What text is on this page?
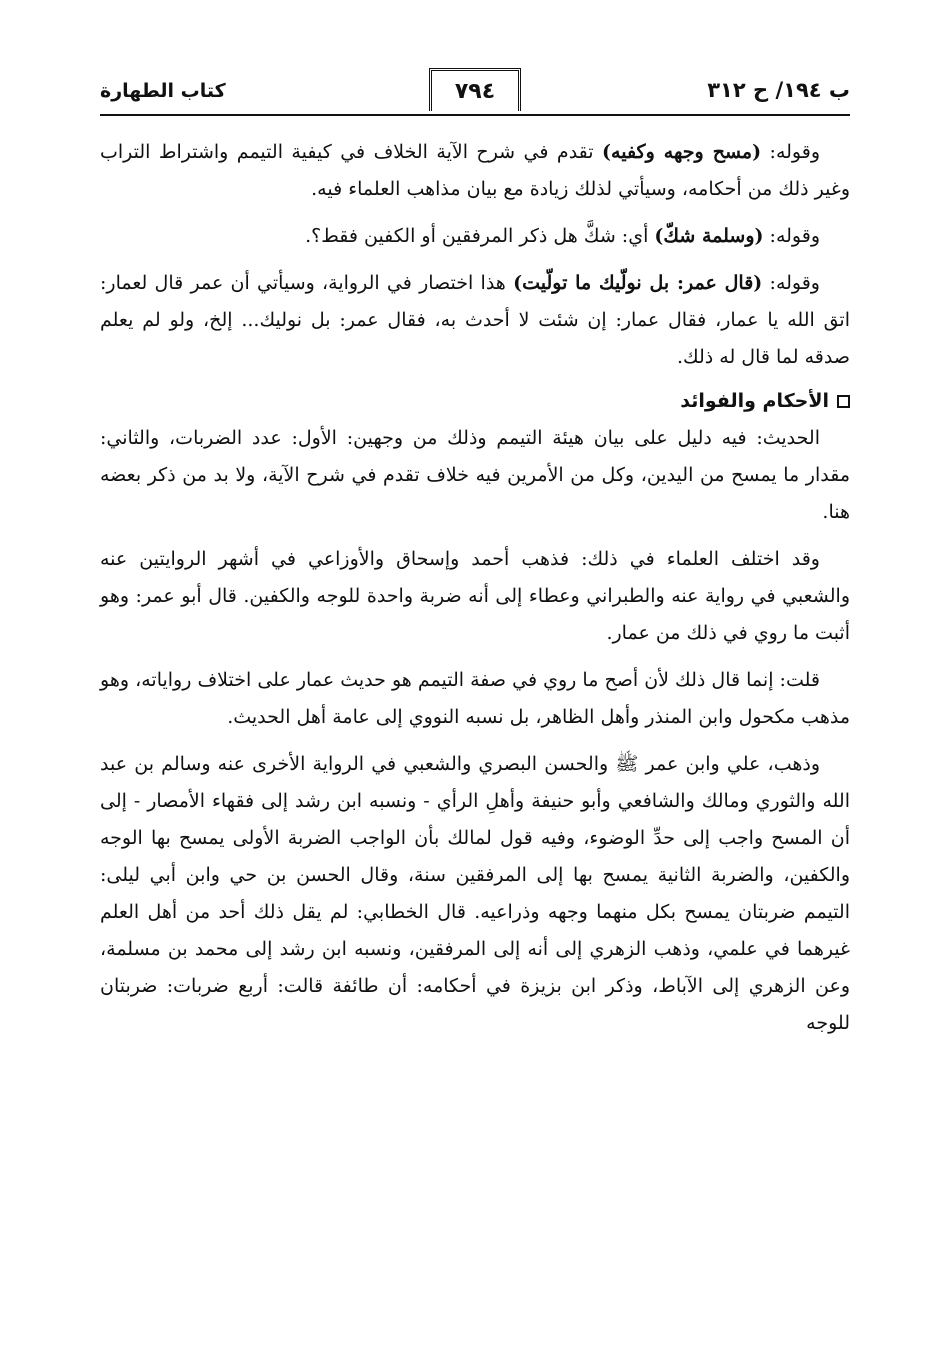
ب ١٩٤/ ح ٣١٢
٧٩٤
كتاب الطهارة

وقوله: (مسح وجهه وكفيه) تقدم في شرح الآية الخلاف في كيفية التيمم واشتراط التراب وغير ذلك من أحكامه، وسيأتي لذلك زيادة مع بيان مذاهب العلماء فيه.

وقوله: (وسلمة شكّ) أي: شكَّ هل ذكر المرفقين أو الكفين فقط؟.

وقوله: (قال عمر: بل نولّيك ما تولّيت) هذا اختصار في الرواية، وسيأتي أن عمر قال لعمار: اتق الله يا عمار، فقال عمار: إن شئت لا أحدث به، فقال عمر: بل نوليك... إلخ، ولو لم يعلم صدقه لما قال له ذلك.

الأحكام والفوائد

الحديث: فيه دليل على بيان هيئة التيمم وذلك من وجهين: الأول: عدد الضربات، والثاني: مقدار ما يمسح من اليدين، وكل من الأمرين فيه خلاف تقدم في شرح الآية، ولا بد من ذكر بعضه هنا.

وقد اختلف العلماء في ذلك: فذهب أحمد وإسحاق والأوزاعي في أشهر الروايتين عنه والشعبي في رواية عنه والطبراني وعطاء إلى أنه ضربة واحدة للوجه والكفين. قال أبو عمر: وهو أثبت ما روي في ذلك من عمار.

قلت: إنما قال ذلك لأن أصح ما روي في صفة التيمم هو حديث عمار على اختلاف رواياته، وهو مذهب مكحول وابن المنذر وأهل الظاهر، بل نسبه النووي إلى عامة أهل الحديث.

وذهب، علي وابن عمر ﷺ والحسن البصري والشعبي في الرواية الأخرى عنه وسالم بن عبد الله والثوري ومالك والشافعي وأبو حنيفة وأهلِ الرأي - ونسبه ابن رشد إلى فقهاء الأمصار - إلى أن المسح واجب إلى حدِّ الوضوء، وفيه قول لمالك بأن الواجب الضربة الأولى يمسح بها الوجه والكفين، والضربة الثانية يمسح بها إلى المرفقين سنة، وقال الحسن بن حي وابن أبي ليلى: التيمم ضربتان يمسح بكل منهما وجهه وذراعيه. قال الخطابي: لم يقل ذلك أحد من أهل العلم غيرهما في علمي، وذهب الزهري إلى أنه إلى المرفقين، ونسبه ابن رشد إلى محمد بن مسلمة، وعن الزهري إلى الآباط، وذكر ابن بزيزة في أحكامه: أن طائفة قالت: أربع ضربات: ضربتان للوجه
